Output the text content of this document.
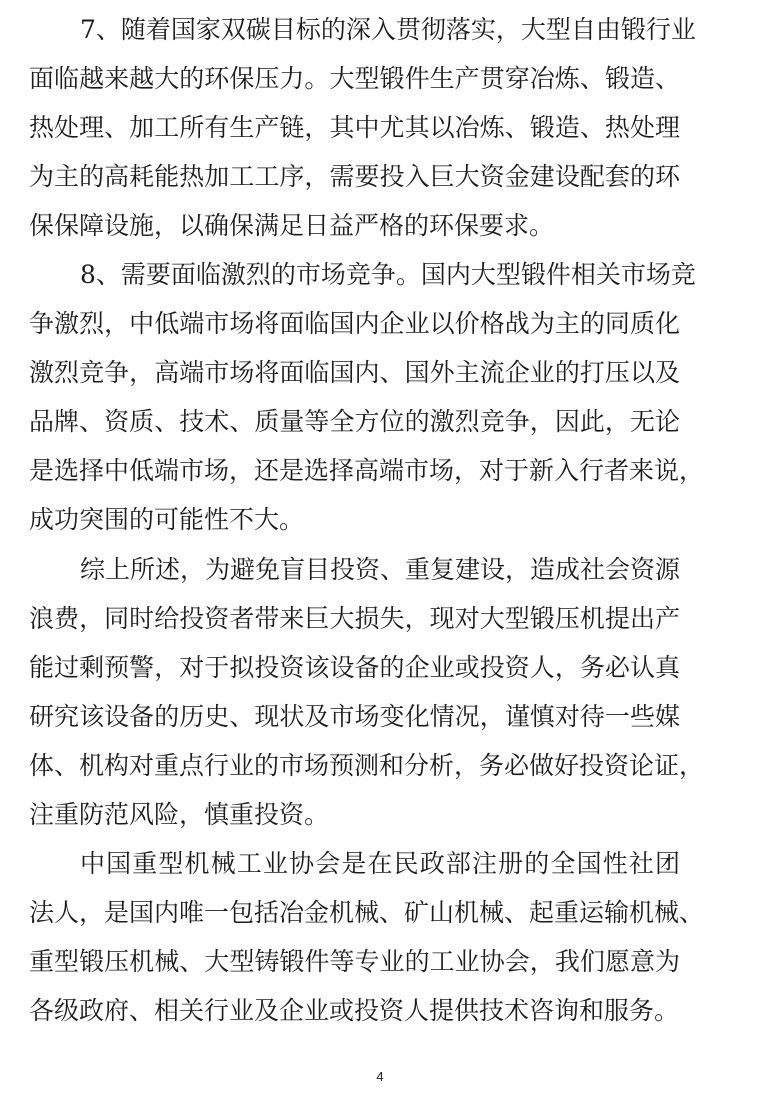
7、随着国家双碳目标的深入贯彻落实，大型自由锻行业
面临越来越大的环保压力。大型锻件生产贯穿冶炼、锻造、
热处理、加工所有生产链，其中尤其以冶炼、锻造、热处理
为主的高耗能热加工工序，需要投入巨大资金建设配套的环
保保障设施，以确保满足日益严格的环保要求。
8、需要面临激烈的市场竞争。国内大型锻件相关市场竞
争激烈，中低端市场将面临国内企业以价格战为主的同质化
激烈竞争，高端市场将面临国内、国外主流企业的打压以及
品牌、资质、技术、质量等全方位的激烈竞争，因此，无论
是选择中低端市场，还是选择高端市场，对于新入行者来说，
成功突围的可能性不大。
综上所述，为避免盲目投资、重复建设，造成社会资源
浪费，同时给投资者带来巨大损失，现对大型锻压机提出产
能过剩预警，对于拟投资该设备的企业或投资人，务必认真
研究该设备的历史、现状及市场变化情况，谨慎对待一些媒
体、机构对重点行业的市场预测和分析，务必做好投资论证，
注重防范风险，慎重投资。
中国重型机械工业协会是在民政部注册的全国性社团
法人，是国内唯一包括冶金机械、矿山机械、起重运输机械、
重型锻压机械、大型铸锻件等专业的工业协会，我们愿意为
各级政府、相关行业及企业或投资人提供技术咨询和服务。
4
